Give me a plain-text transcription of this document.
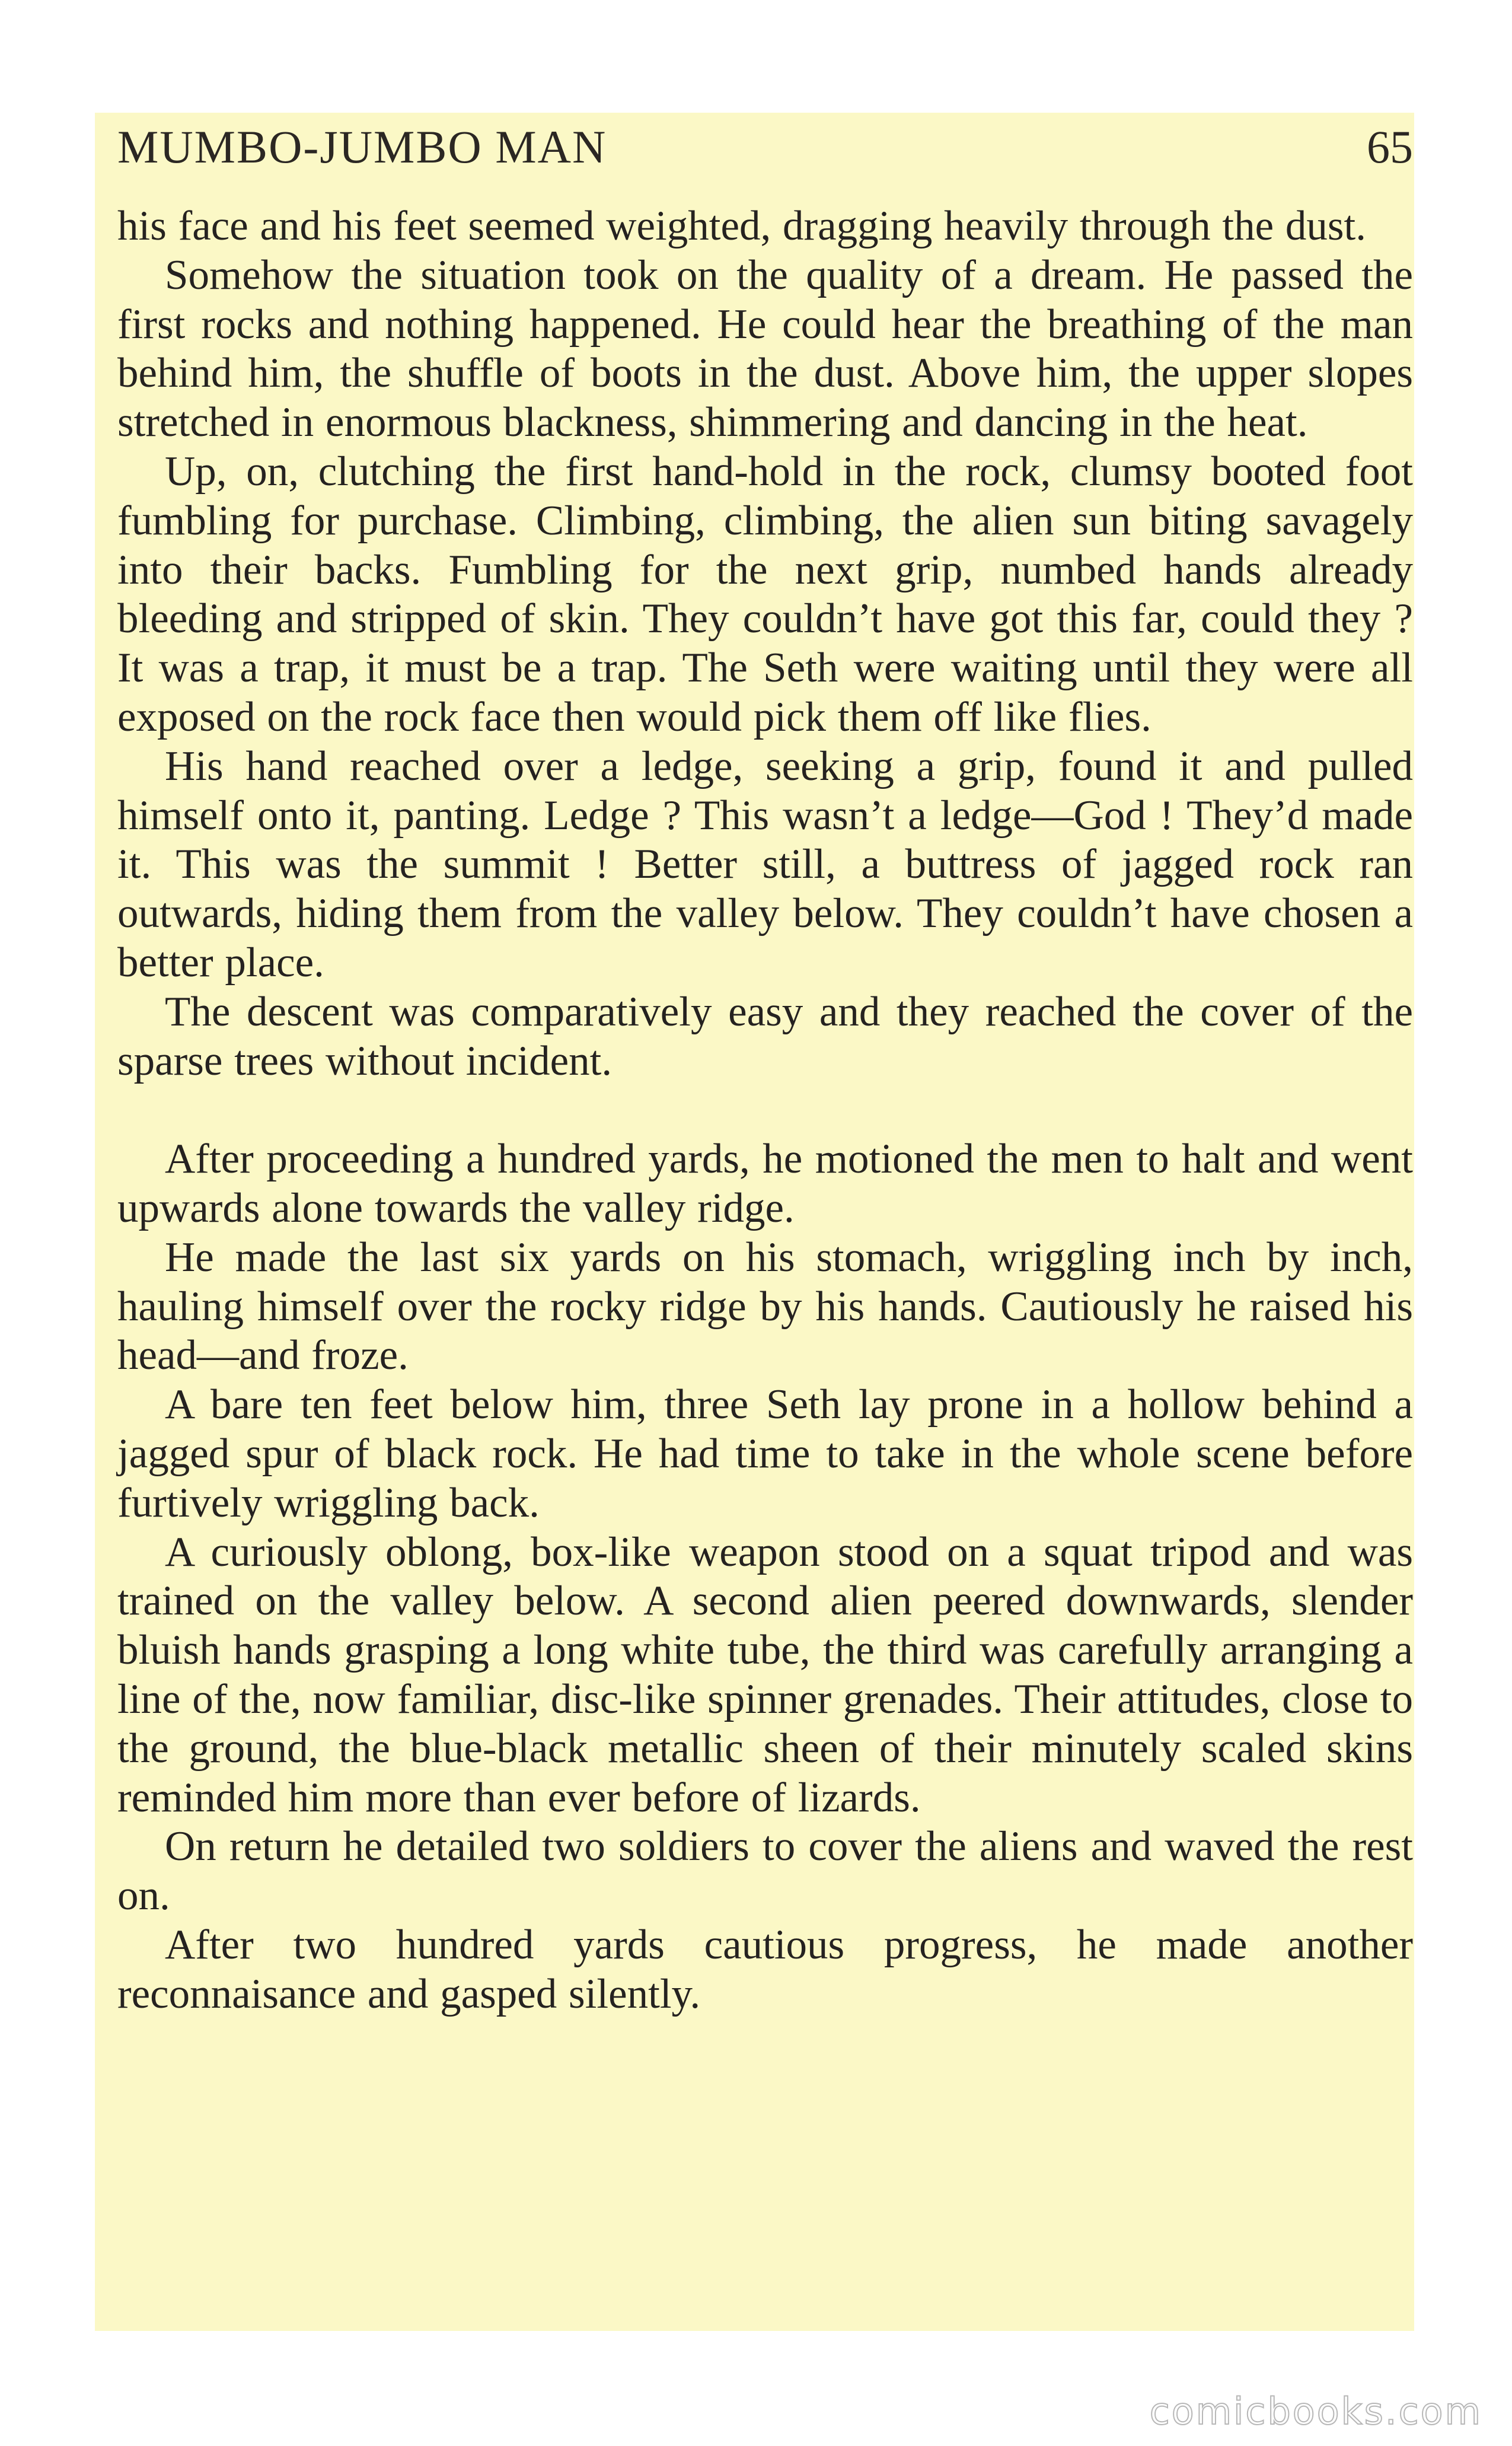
MUMBO-JUMBO MAN	65

his face and his feet seemed weighted, dragging heavily through the dust.

Somehow the situation took on the quality of a dream. He passed the first rocks and nothing happened. He could hear the breathing of the man behind him, the shuffle of boots in the dust. Above him, the upper slopes stretched in enormous blackness, shimmering and dancing in the heat.

Up, on, clutching the first hand-hold in the rock, clumsy booted foot fumbling for purchase. Climbing, climbing, the alien sun biting savagely into their backs. Fumbling for the next grip, numbed hands already bleeding and stripped of skin. They couldn’t have got this far, could they ? It was a trap, it must be a trap. The Seth were waiting until they were all exposed on the rock face then would pick them off like flies.

His hand reached over a ledge, seeking a grip, found it and pulled himself onto it, panting. Ledge ? This wasn’t a ledge—God ! They’d made it. This was the summit ! Better still, a buttress of jagged rock ran outwards, hiding them from the valley below. They couldn’t have chosen a better place.

The descent was comparatively easy and they reached the cover of the sparse trees without incident.

After proceeding a hundred yards, he motioned the men to halt and went upwards alone towards the valley ridge.

He made the last six yards on his stomach, wriggling inch by inch, hauling himself over the rocky ridge by his hands. Cautiously he raised his head—and froze.

A bare ten feet below him, three Seth lay prone in a hollow behind a jagged spur of black rock. He had time to take in the whole scene before furtively wriggling back.

A curiously oblong, box-like weapon stood on a squat tripod and was trained on the valley below. A second alien peered downwards, slender bluish hands grasping a long white tube, the third was carefully arranging a line of the, now familiar, disc-like spinner grenades. Their attitudes, close to the ground, the blue-black metallic sheen of their minutely scaled skins reminded him more than ever before of lizards.

On return he detailed two soldiers to cover the aliens and waved the rest on.

After two hundred yards cautious progress, he made another reconnaisance and gasped silently.

comicbooks.com
